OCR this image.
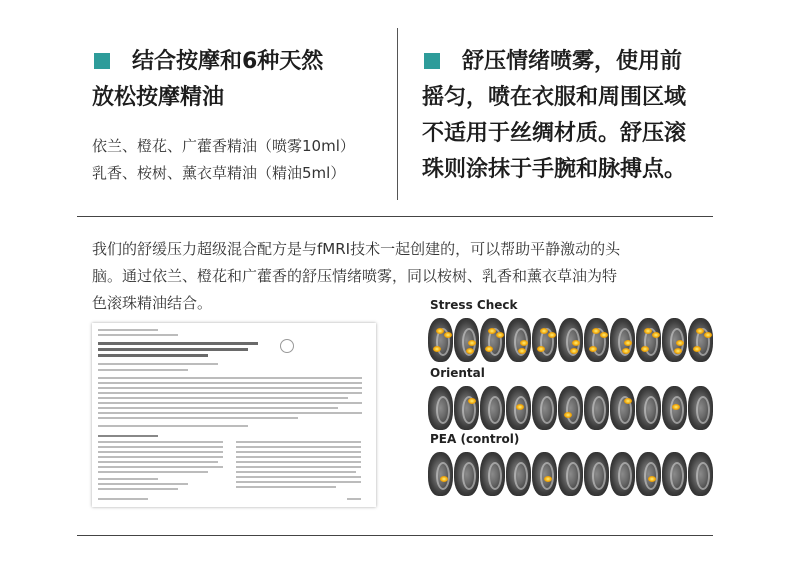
结合按摩和6种天然
放松按摩精油
依兰、橙花、广藿香精油（喷雾10ml）
乳香、桉树、薰衣草精油（精油5ml）
舒压情绪喷雾，使用前
摇匀，喷在衣服和周围区域
不适用于丝绸材质。舒压滚
珠则涂抹于手腕和脉搏点。
我们的舒缓压力超级混合配方是与fMRI技术一起创建的，可以帮助平静激动的头
脑。通过依兰、橙花和广藿香的舒压情绪喷雾，同以桉树、乳香和薰衣草油为特
色滚珠精油结合。	Stress Check
Oriental
PEA (control)
